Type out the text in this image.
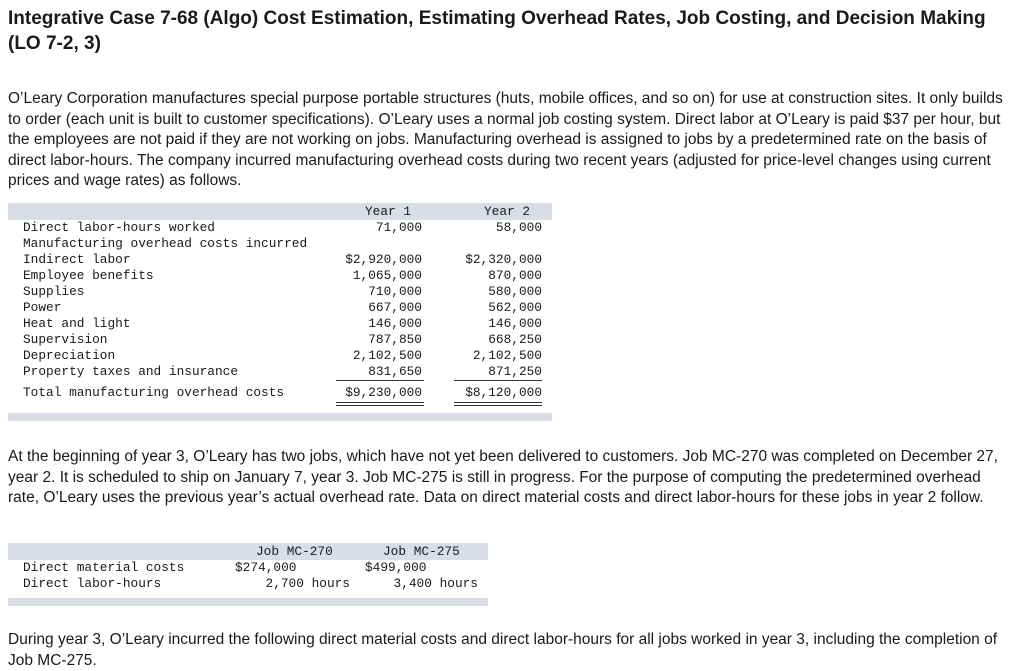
Integrative Case 7-68 (Algo) Cost Estimation, Estimating Overhead Rates, Job Costing, and Decision Making (LO 7-2, 3)
O’Leary Corporation manufactures special purpose portable structures (huts, mobile offices, and so on) for use at construction sites. It only builds to order (each unit is built to customer specifications). O’Leary uses a normal job costing system. Direct labor at O’Leary is paid $37 per hour, but the employees are not paid if they are not working on jobs. Manufacturing overhead is assigned to jobs by a predetermined rate on the basis of direct labor-hours. The company incurred manufacturing overhead costs during two recent years (adjusted for price-level changes using current prices and wage rates) as follows.
Year 1	Year 2
Direct labor-hours worked	71,000	58,000
Manufacturing overhead costs incurred
Indirect labor	$2,920,000	$2,320,000
Employee benefits	1,065,000	870,000
Supplies	710,000	580,000
Power	667,000	562,000
Heat and light	146,000	146,000
Supervision	787,850	668,250
Depreciation	2,102,500	2,102,500
Property taxes and insurance	831,650	871,250
Total manufacturing overhead costs	$9,230,000	$8,120,000
At the beginning of year 3, O’Leary has two jobs, which have not yet been delivered to customers. Job MC-270 was completed on December 27, year 2. It is scheduled to ship on January 7, year 3. Job MC-275 is still in progress. For the purpose of computing the predetermined overhead rate, O’Leary uses the previous year’s actual overhead rate. Data on direct material costs and direct labor-hours for these jobs in year 2 follow.
Job MC-270	Job MC-275
Direct material costs	$274,000	$499,000
Direct labor-hours	2,700 hours	3,400 hours
During year 3, O’Leary incurred the following direct material costs and direct labor-hours for all jobs worked in year 3, including the completion of Job MC-275.
